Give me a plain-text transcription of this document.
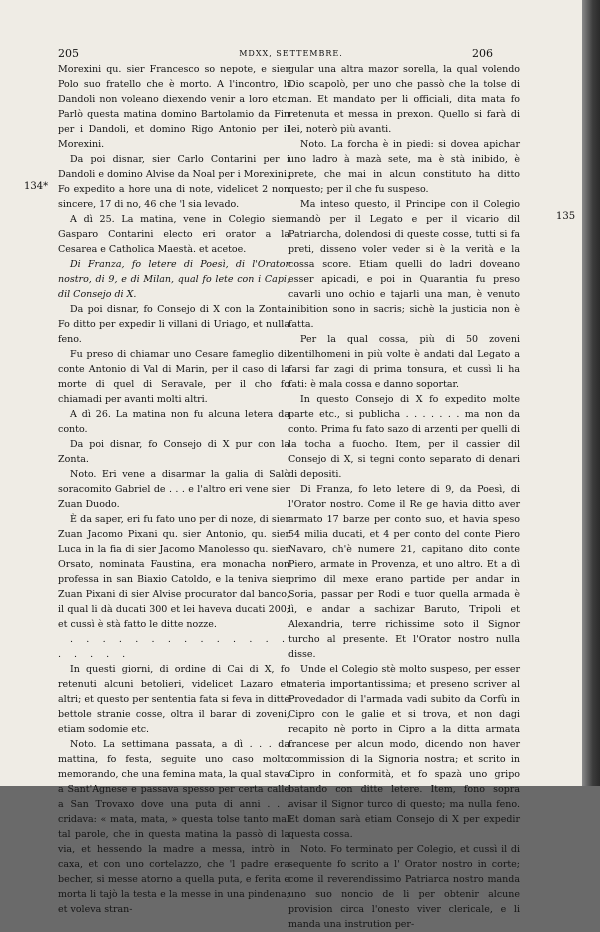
205	MDXX, SETTEMBRE.	206
134*
135

Morexini qu. sier Francesco so nepote, e sier Polo suo fratello che è morto. A l'incontro, li Dandoli non voleano diexendo venir a loro etc. Parlò questa matina domino Bartolamio da Fin per i Dandoli, et domino Rigo Antonio per il Morexini.

Da poi disnar, sier Carlo Contarini per i Dandoli e domino Alvise da Noal per i Morexini. Fo expedito a hore una di note, videlicet 2 non sincere, 17 di no, 46 che 'l sia levado.

A dì 25. La matina, vene in Colegio sier Gasparo Contarini electo eri orator a la Cesarea e Catholica Maestà. et acetoe.

Di Franza, fo letere di Poesì, di l'Orator nostro, di 9, e di Milan, qual fo lete con i Capi, dil Consejo di X.

Da poi disnar, fo Consejo di X con la Zonta. Fo ditto per expedir li villani di Uriago, et nulla feno.

Fu preso di chiamar uno Cesare fameglio dil conte Antonio di Val di Marin, per il caso di la morte di quel di Seravale, per il cho fo chiamadi per avanti molti altri.

A dì 26. La matina non fu alcuna letera da conto.

Da poi disnar, fo Consejo di X pur con la Zonta.

Noto. Eri vene a disarmar la galia di Salò soracomito Gabriel de . . . e l'altro eri vene sier Zuan Duodo.

È da saper, eri fu fato uno per di noze, di sier Zuan Jacomo Pixani qu. sier Antonio, qu. sier Luca in la fia di sier Jacomo Manolesso qu. sier Orsato, nominata Faustina, era monacha non professa in san Biaxio Catoldo, e la teniva sier Zuan Pixani di sier Alvise procurator dal banco, il qual li dà ducati 300 et lei haveva ducati 200; et cussì è stà fatto le ditte nozze.

. . . . . . . . . . . . . . . . . . .

In questi giorni, di ordine di Cai di X, fo retenuti alcuni betolieri, videlicet Lazaro et altri; et questo per sententia fata si feva in ditte bettole stranie cosse, oltra il barar di zoveni, etiam sodomie etc.

Noto. La settimana passata, a dì . . . da mattina, fo festa, seguite uno caso molto memorando, che una femina mata, la qual stava a Sant'Agnese e passava spesso per certa calle a San Trovaxo dove una puta di anni . . . cridava: « mata, mata, » questa tolse tanto mal tal parole, che in questa matina la passò di la via, et hessendo la madre a messa, intrò in caxa, et con uno cortelazzo, che 'l padre era becher, si messe atorno a quella puta, e ferita e morta li tajò la testa e la messe in una pindena; et voleva stran-

gular una altra mazor sorella, la qual volendo Dio scapolò, per uno che passò che la tolse di man. Et mandato per li officiali, dita mata fo retenuta et messa in prexon. Quello si farà di lei, noterò più avanti.

Noto. La forcha è in piedi: si dovea apichar uno ladro à mazà sete, ma è stà inibido, è prete, che mai in alcun constituto ha ditto questo; per il che fu suspeso.

Ma inteso questo, il Principe con il Colegio mandò per il Legato e per il vicario dil Patriarcha, dolendosi di queste cosse, tutti si fa preti, dissenо voler veder si è la verità e la cossa score. Etiam quelli do ladri doveano esser apicadi, e poi in Quarantia fu preso cavarli uno ochio e tajarli una man, è venuto inibition sono in sacris; sichè la justicia non è fatta.

Per la qual cossa, più di 50 zoveni zentilhomeni in più volte è andati dal Legato a farsi far zagi di prima tonsura, et cussì li ha fati: è mala cossa e danno soportar.

In questo Consejo di X fo expedito molte parte etc., si publicha . . . . . . . ma non da conto. Prima fu fato sazo di arzenti per quelli di la tocha a fuocho. Item, per il cassier dil Consejo di X, si tegni conto separato di denari di depositi.

Di Franza, fo leto letere di 9, da Poesì, di l'Orator nostro. Come il Re ge havia ditto aver armato 17 barze per conto suo, et havia speso 54 milia ducati, et 4 per conto del conte Piero Navaro, ch'è numere 21, capitano dito conte Piero, armate in Provenza, et uno altro. Et a dì primo dil mexe erano partide per andar in Soria, passar per Rodi e tuor quella armada è lì, e andar a sachizar Baruto, Tripoli et Alexandria, terre richissime soto il Signor turcho al presente. Et l'Orator nostro nulla disse.

Unde el Colegio stè molto suspeso, per esser materia importantissima; et preseno scriver al Provedador di l'armada vadi subito da Corfù in Cipro con le galie et si trova, et non dagi recapito nè porto in Cipro a la ditta armata francese per alcun modo, dicendo non haver commission di la Signoria nostra; et scrito in Cipro in conformità, et fo spazà uno gripo batando con ditte letere. Item, fono sopra avisar il Signor turco di questo; ma nulla feno. Et doman sarà etiam Consejo di X per expedir questa cossa.

Noto. Fo terminato per Colegio, et cussì il di sequente fo scrito a l' Orator nostro in corte; come il reverendissimo Patriarca nostro manda uno suo noncio de li per obtenir alcune provision circa l'onesto viver clericale, e li manda una instrution per-
